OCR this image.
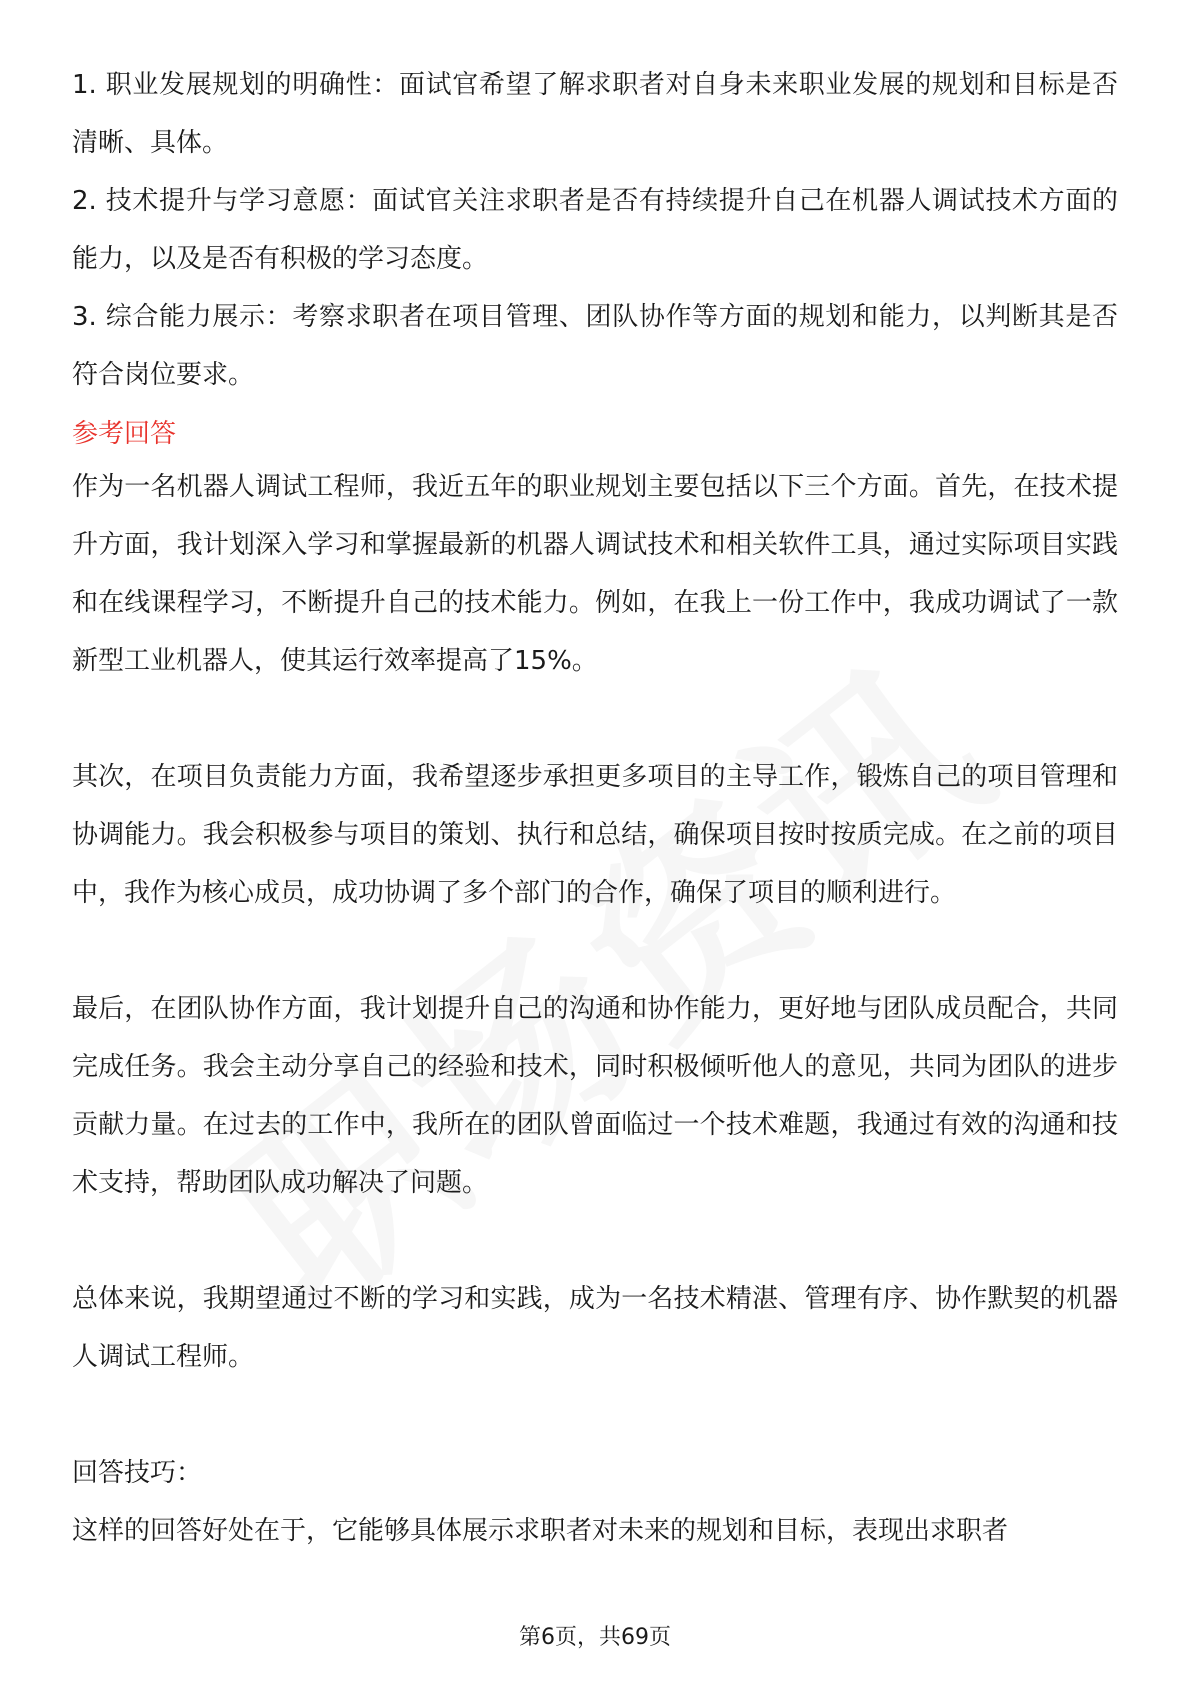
1. 职业发展规划的明确性：面试官希望了解求职者对自身未来职业发展的规划和目标是否清晰、具体。

2. 技术提升与学习意愿：面试官关注求职者是否有持续提升自己在机器人调试技术方面的能力，以及是否有积极的学习态度。

3. 综合能力展示：考察求职者在项目管理、团队协作等方面的规划和能力，以判断其是否符合岗位要求。

参考回答

作为一名机器人调试工程师，我近五年的职业规划主要包括以下三个方面。首先，在技术提升方面，我计划深入学习和掌握最新的机器人调试技术和相关软件工具，通过实际项目实践和在线课程学习，不断提升自己的技术能力。例如，在我上一份工作中，我成功调试了一款新型工业机器人，使其运行效率提高了15%。

其次，在项目负责能力方面，我希望逐步承担更多项目的主导工作，锻炼自己的项目管理和协调能力。我会积极参与项目的策划、执行和总结，确保项目按时按质完成。在之前的项目中，我作为核心成员，成功协调了多个部门的合作，确保了项目的顺利进行。

最后，在团队协作方面，我计划提升自己的沟通和协作能力，更好地与团队成员配合，共同完成任务。我会主动分享自己的经验和技术，同时积极倾听他人的意见，共同为团队的进步贡献力量。在过去的工作中，我所在的团队曾面临过一个技术难题，我通过有效的沟通和技术支持，帮助团队成功解决了问题。

总体来说，我期望通过不断的学习和实践，成为一名技术精湛、管理有序、协作默契的机器人调试工程师。

回答技巧：

这样的回答好处在于，它能够具体展示求职者对未来的规划和目标，表现出求职者

第6页，共69页
